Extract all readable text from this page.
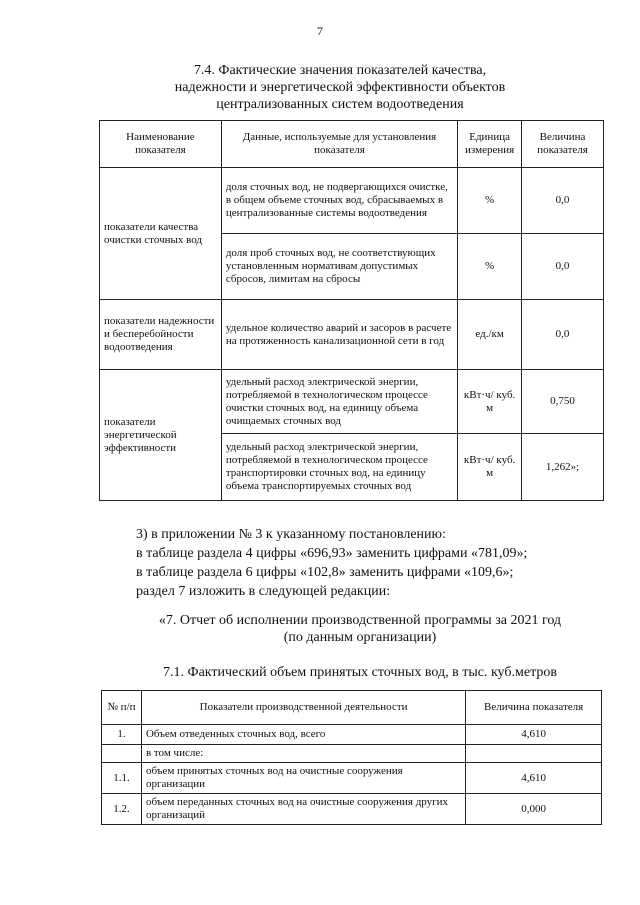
7
7.4. Фактические значения показателей качества,
надежности и энергетической эффективности объектов
централизованных систем водоотведения
Наименование показателя	Данные, используемые для установления показателя	Единица измерения	Величина показателя
показатели качества очистки сточных вод	доля сточных вод, не подвергающихся очистке, в общем объеме сточных вод, сбрасываемых в централизованные системы водоотведения	%	0,0
	доля проб сточных вод, не соответствующих установленным нормативам допустимых сбросов, лимитам на сбросы	%	0,0
показатели надежности и бесперебойности водоотведения	удельное количество аварий и засоров в расчете на протяженность канализационной сети в год	ед./км	0,0
показатели энергетической эффективности	удельный расход электрической энергии, потребляемой в технологическом процессе очистки сточных вод, на единицу объема очищаемых сточных вод	кВт·ч/ куб. м	0,750
	удельный расход электрической энергии, потребляемой в технологическом процессе транспортировки сточных вод, на единицу объема транспортируемых сточных вод	кВт·ч/ куб. м	1,262»;
3) в приложении № 3 к указанному постановлению:
в таблице раздела 4 цифры «696,93» заменить цифрами «781,09»;
в таблице раздела 6 цифры «102,8» заменить цифрами «109,6»;
раздел 7 изложить в следующей редакции:
«7. Отчет об исполнении производственной программы за 2021 год
(по данным организации)
7.1. Фактический объем принятых сточных вод, в тыс. куб.метров
№ п/п	Показатели производственной деятельности	Величина показателя
1.	Объем отведенных сточных вод, всего	4,610
	в том числе:	
1.1.	объем принятых сточных вод на очистные сооружения организации	4,610
1.2.	объем переданных сточных вод на очистные сооружения других организаций	0,000
